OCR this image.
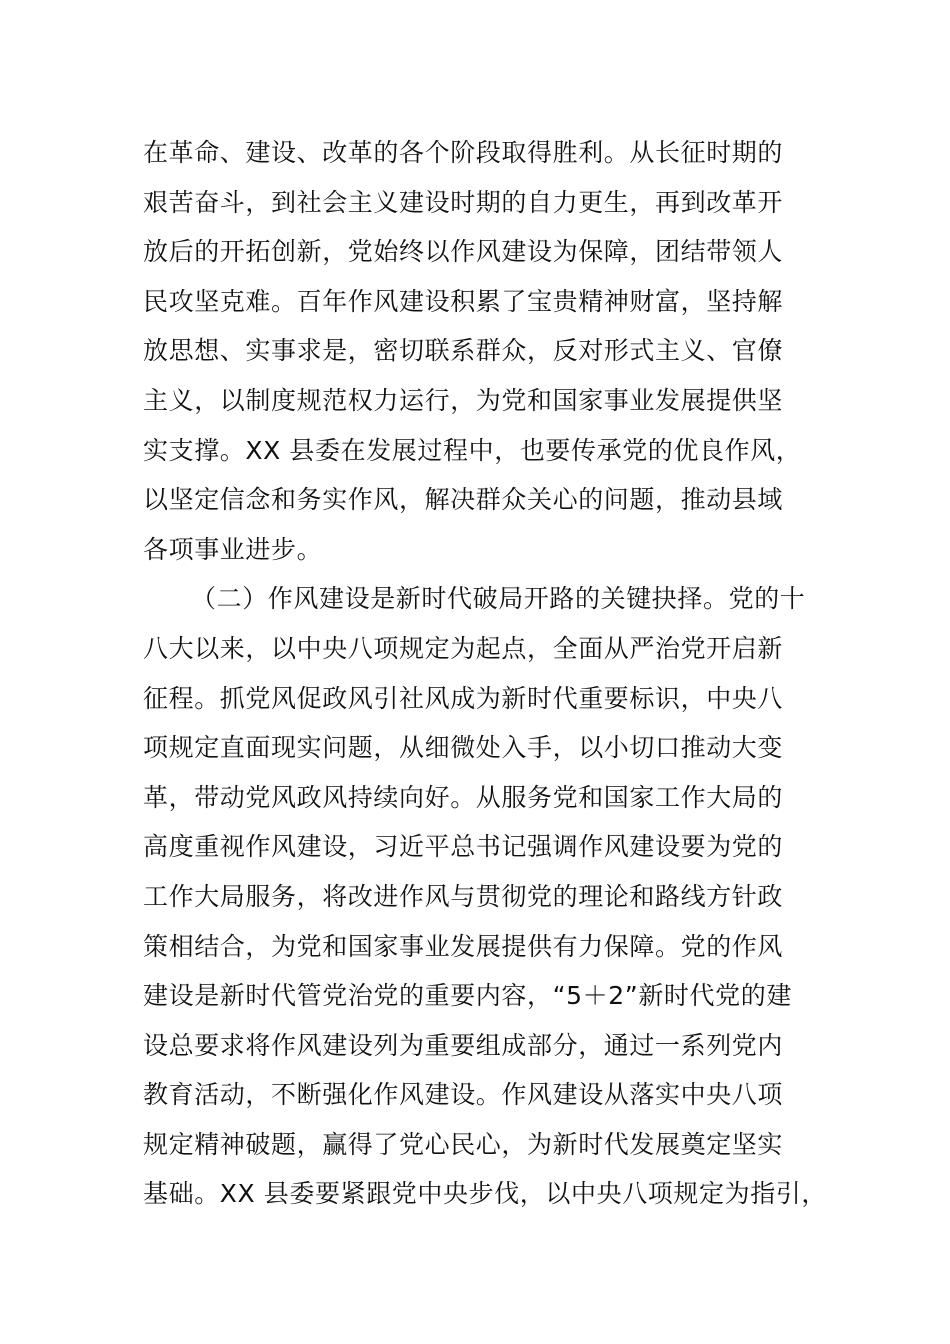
在革命、建设、改革的各个阶段取得胜利。从长征时期的
艰苦奋斗，到社会主义建设时期的自力更生，再到改革开
放后的开拓创新，党始终以作风建设为保障，团结带领人
民攻坚克难。百年作风建设积累了宝贵精神财富，坚持解
放思想、实事求是，密切联系群众，反对形式主义、官僚
主义，以制度规范权力运行，为党和国家事业发展提供坚
实支撑。XX 县委在发展过程中，也要传承党的优良作风，
以坚定信念和务实作风，解决群众关心的问题，推动县域
各项事业进步。
（二）作风建设是新时代破局开路的关键抉择。党的十
八大以来，以中央八项规定为起点，全面从严治党开启新
征程。抓党风促政风引社风成为新时代重要标识，中央八
项规定直面现实问题，从细微处入手，以小切口推动大变
革，带动党风政风持续向好。从服务党和国家工作大局的
高度重视作风建设，习近平总书记强调作风建设要为党的
工作大局服务，将改进作风与贯彻党的理论和路线方针政
策相结合，为党和国家事业发展提供有力保障。党的作风
建设是新时代管党治党的重要内容，“5＋2”新时代党的建
设总要求将作风建设列为重要组成部分，通过一系列党内
教育活动，不断强化作风建设。作风建设从落实中央八项
规定精神破题，赢得了党心民心，为新时代发展奠定坚实
基础。XX 县委要紧跟党中央步伐，以中央八项规定为指引，
